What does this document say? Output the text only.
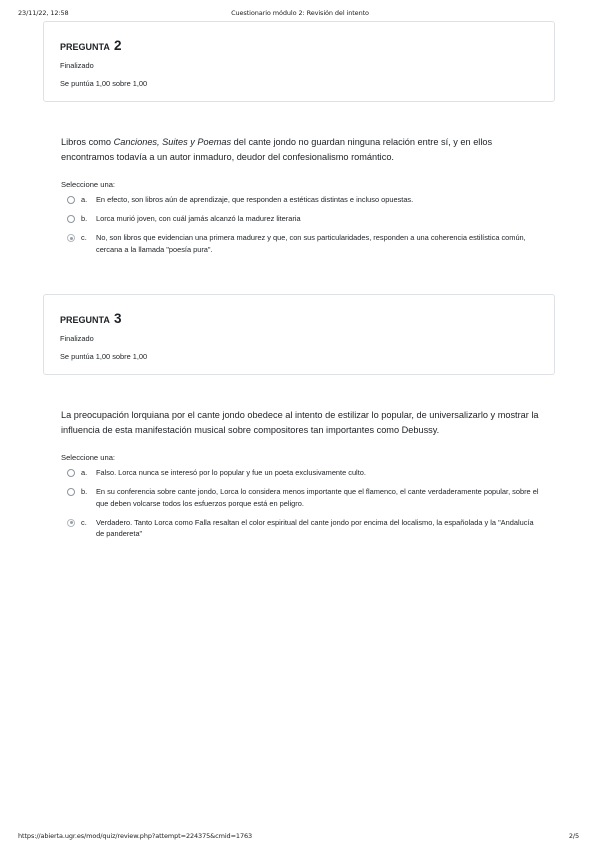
23/11/22, 12:58	Cuestionario módulo 2: Revisión del intento
PREGUNTA 2
Finalizado
Se puntúa 1,00 sobre 1,00
Libros como Canciones, Suites y Poemas del cante jondo no guardan ninguna relación entre sí, y en ellos encontramos todavía a un autor inmaduro, deudor del confesionalismo romántico.
Seleccione una:
a.	En efecto, son libros aún de aprendizaje, que responden a estéticas distintas e incluso opuestas.
b.	Lorca murió joven, con cuál jamás alcanzó la madurez literaria
c.	No, son libros que evidencian una primera madurez y que, con sus particularidades, responden a una coherencia estilística común, cercana a la llamada "poesía pura".
PREGUNTA 3
Finalizado
Se puntúa 1,00 sobre 1,00
La preocupación lorquiana por el cante jondo obedece al intento de estilizar lo popular, de universalizarlo y mostrar la influencia de esta manifestación musical sobre compositores tan importantes como Debussy.
Seleccione una:
a.	Falso. Lorca nunca se interesó por lo popular y fue un poeta exclusivamente culto.
b.	En su conferencia sobre cante jondo, Lorca lo considera menos importante que el flamenco, el cante verdaderamente popular, sobre el que deben volcarse todos los esfuerzos porque está en peligro.
c.	Verdadero. Tanto Lorca como Falla resaltan el color espiritual del cante jondo por encima del localismo, la españolada y la "Andalucía de pandereta"
https://abierta.ugr.es/mod/quiz/review.php?attempt=224375&cmid=1763	2/5
